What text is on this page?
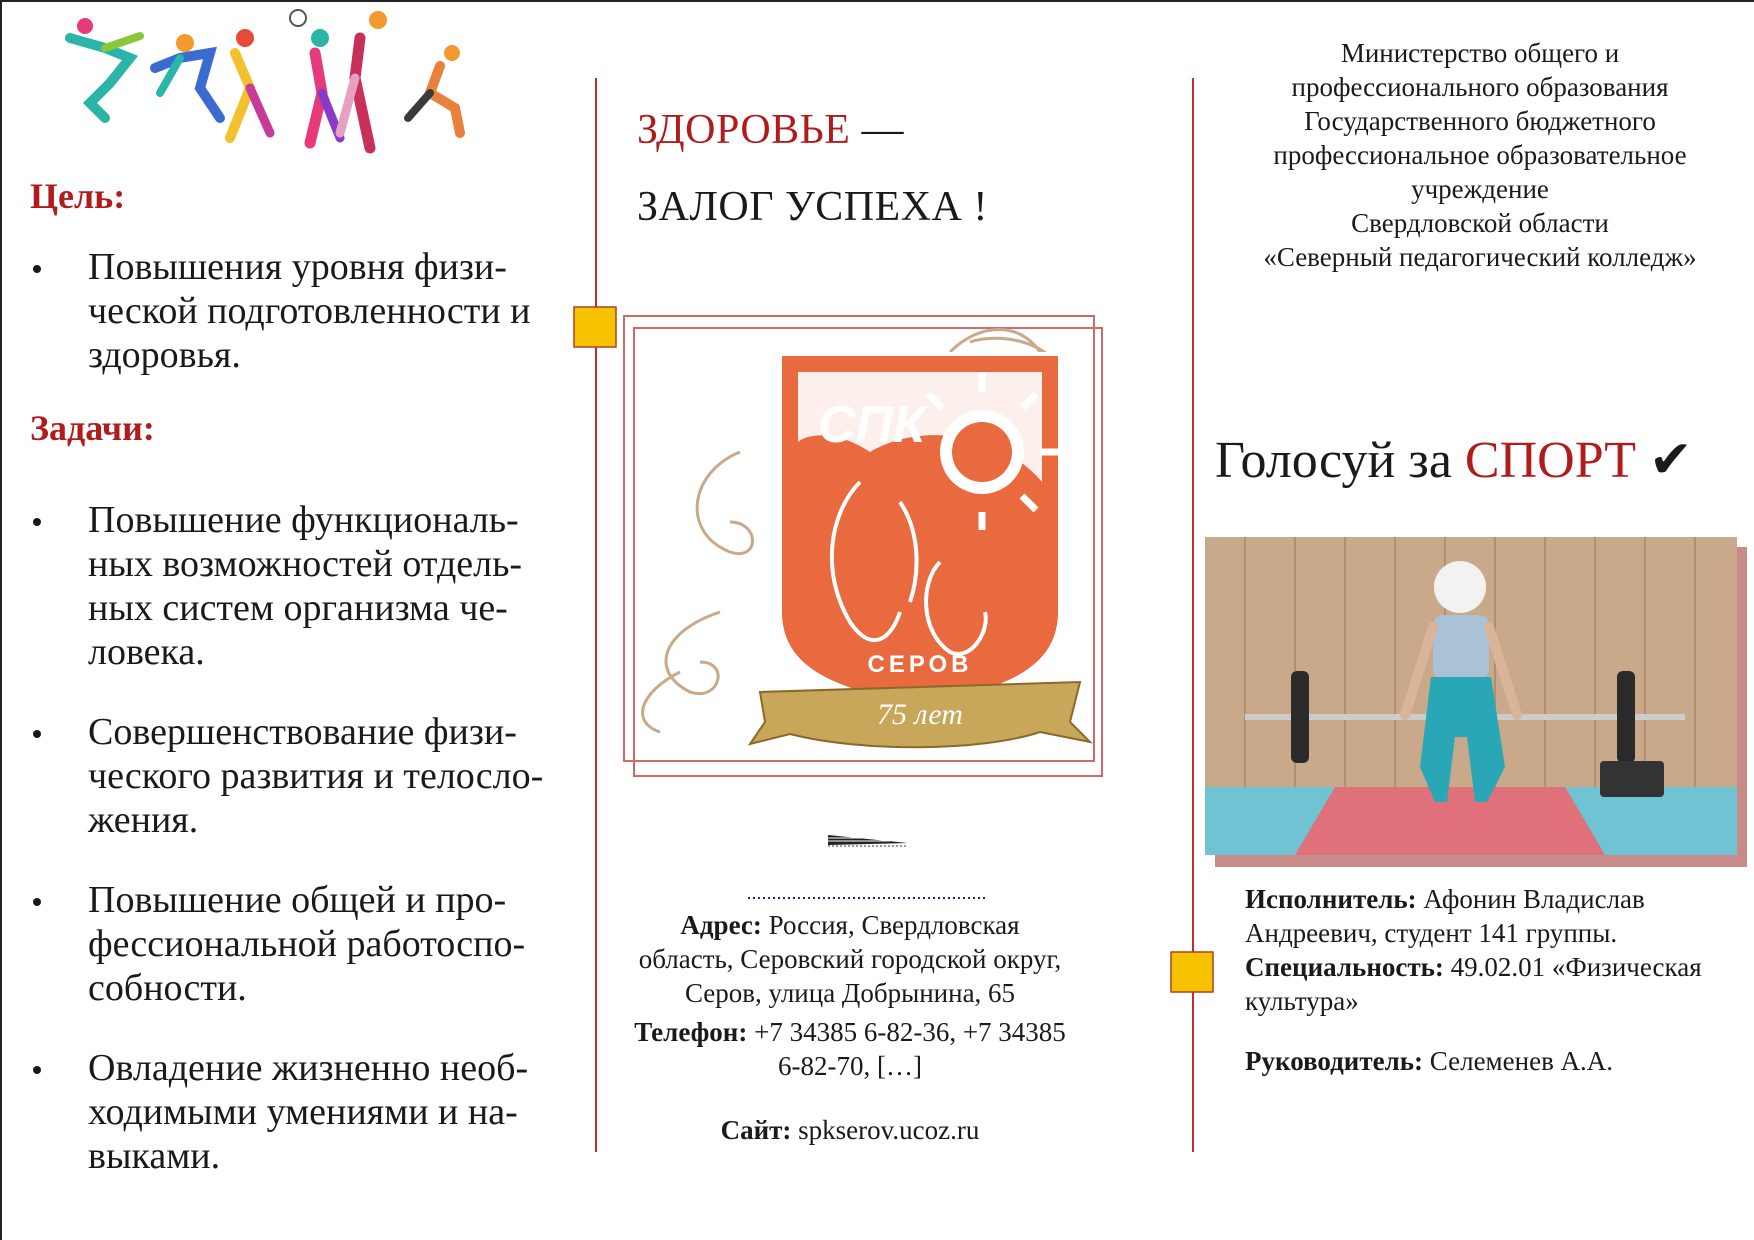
Цель:
Повышения уровня физи-ческой подготовленности и здоровья.
Задачи:
Повышение функциональ-ных возможностей отдель-ных систем организма че-ловека.
Совершенствование физи-ческого развития и телосло-жения.
Повышение общей и про-фессиональной работоспо-собности.
Овладение жизненно необ-ходимыми умениями и на-выками.
ЗДОРОВЬЕ —
ЗАЛОГ УСПЕХА !
СПК
СЕРОВ
75 лет
Адрес: Россия, Свердловская область, Серовский городской округ, Серов, улица Добрынина, 65
Телефон: +7 34385 6‑82‑36, +7 34385 6‑82‑70, […]
Сайт: spkserov.ucoz.ru
Министерство общего и
профессионального образования
Государственного бюджетного
профессиональное образовательное
учреждение
Свердловской области
«Северный педагогический колледж»
Голосуй за СПОРТ ✔
Исполнитель: Афонин Владислав Андреевич, студент 141 группы.
Специальность: 49.02.01 «Физическая культура»
Руководитель: Селеменев А.А.
